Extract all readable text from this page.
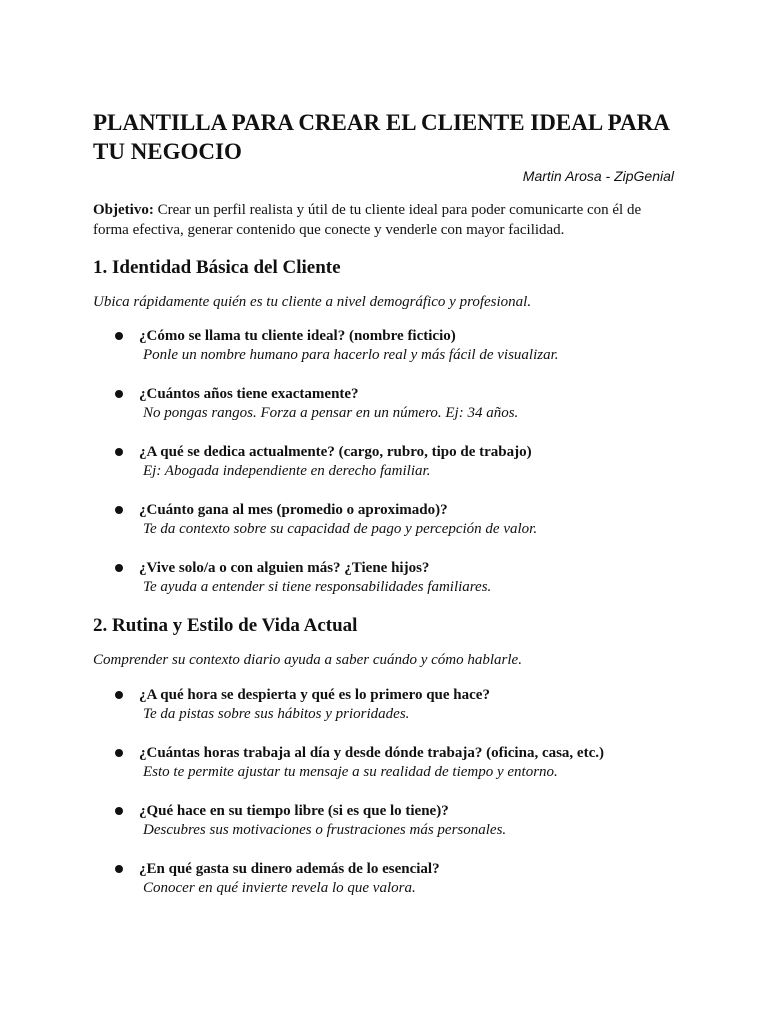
PLANTILLA PARA CREAR EL CLIENTE IDEAL PARA TU NEGOCIO
Martin Arosa - ZipGenial

Objetivo: Crear un perfil realista y útil de tu cliente ideal para poder comunicarte con él de forma efectiva, generar contenido que conecte y venderle con mayor facilidad.

1. Identidad Básica del Cliente

Ubica rápidamente quién es tu cliente a nivel demográfico y profesional.

¿Cómo se llama tu cliente ideal? (nombre ficticio)
Ponle un nombre humano para hacerlo real y más fácil de visualizar.
¿Cuántos años tiene exactamente?
No pongas rangos. Forza a pensar en un número. Ej: 34 años.
¿A qué se dedica actualmente? (cargo, rubro, tipo de trabajo)
Ej: Abogada independiente en derecho familiar.
¿Cuánto gana al mes (promedio o aproximado)?
Te da contexto sobre su capacidad de pago y percepción de valor.
¿Vive solo/a o con alguien más? ¿Tiene hijos?
Te ayuda a entender si tiene responsabilidades familiares.
2. Rutina y Estilo de Vida Actual

Comprender su contexto diario ayuda a saber cuándo y cómo hablarle.

¿A qué hora se despierta y qué es lo primero que hace?
Te da pistas sobre sus hábitos y prioridades.
¿Cuántas horas trabaja al día y desde dónde trabaja? (oficina, casa, etc.)
Esto te permite ajustar tu mensaje a su realidad de tiempo y entorno.
¿Qué hace en su tiempo libre (si es que lo tiene)?
Descubres sus motivaciones o frustraciones más personales.
¿En qué gasta su dinero además de lo esencial?
Conocer en qué invierte revela lo que valora.
